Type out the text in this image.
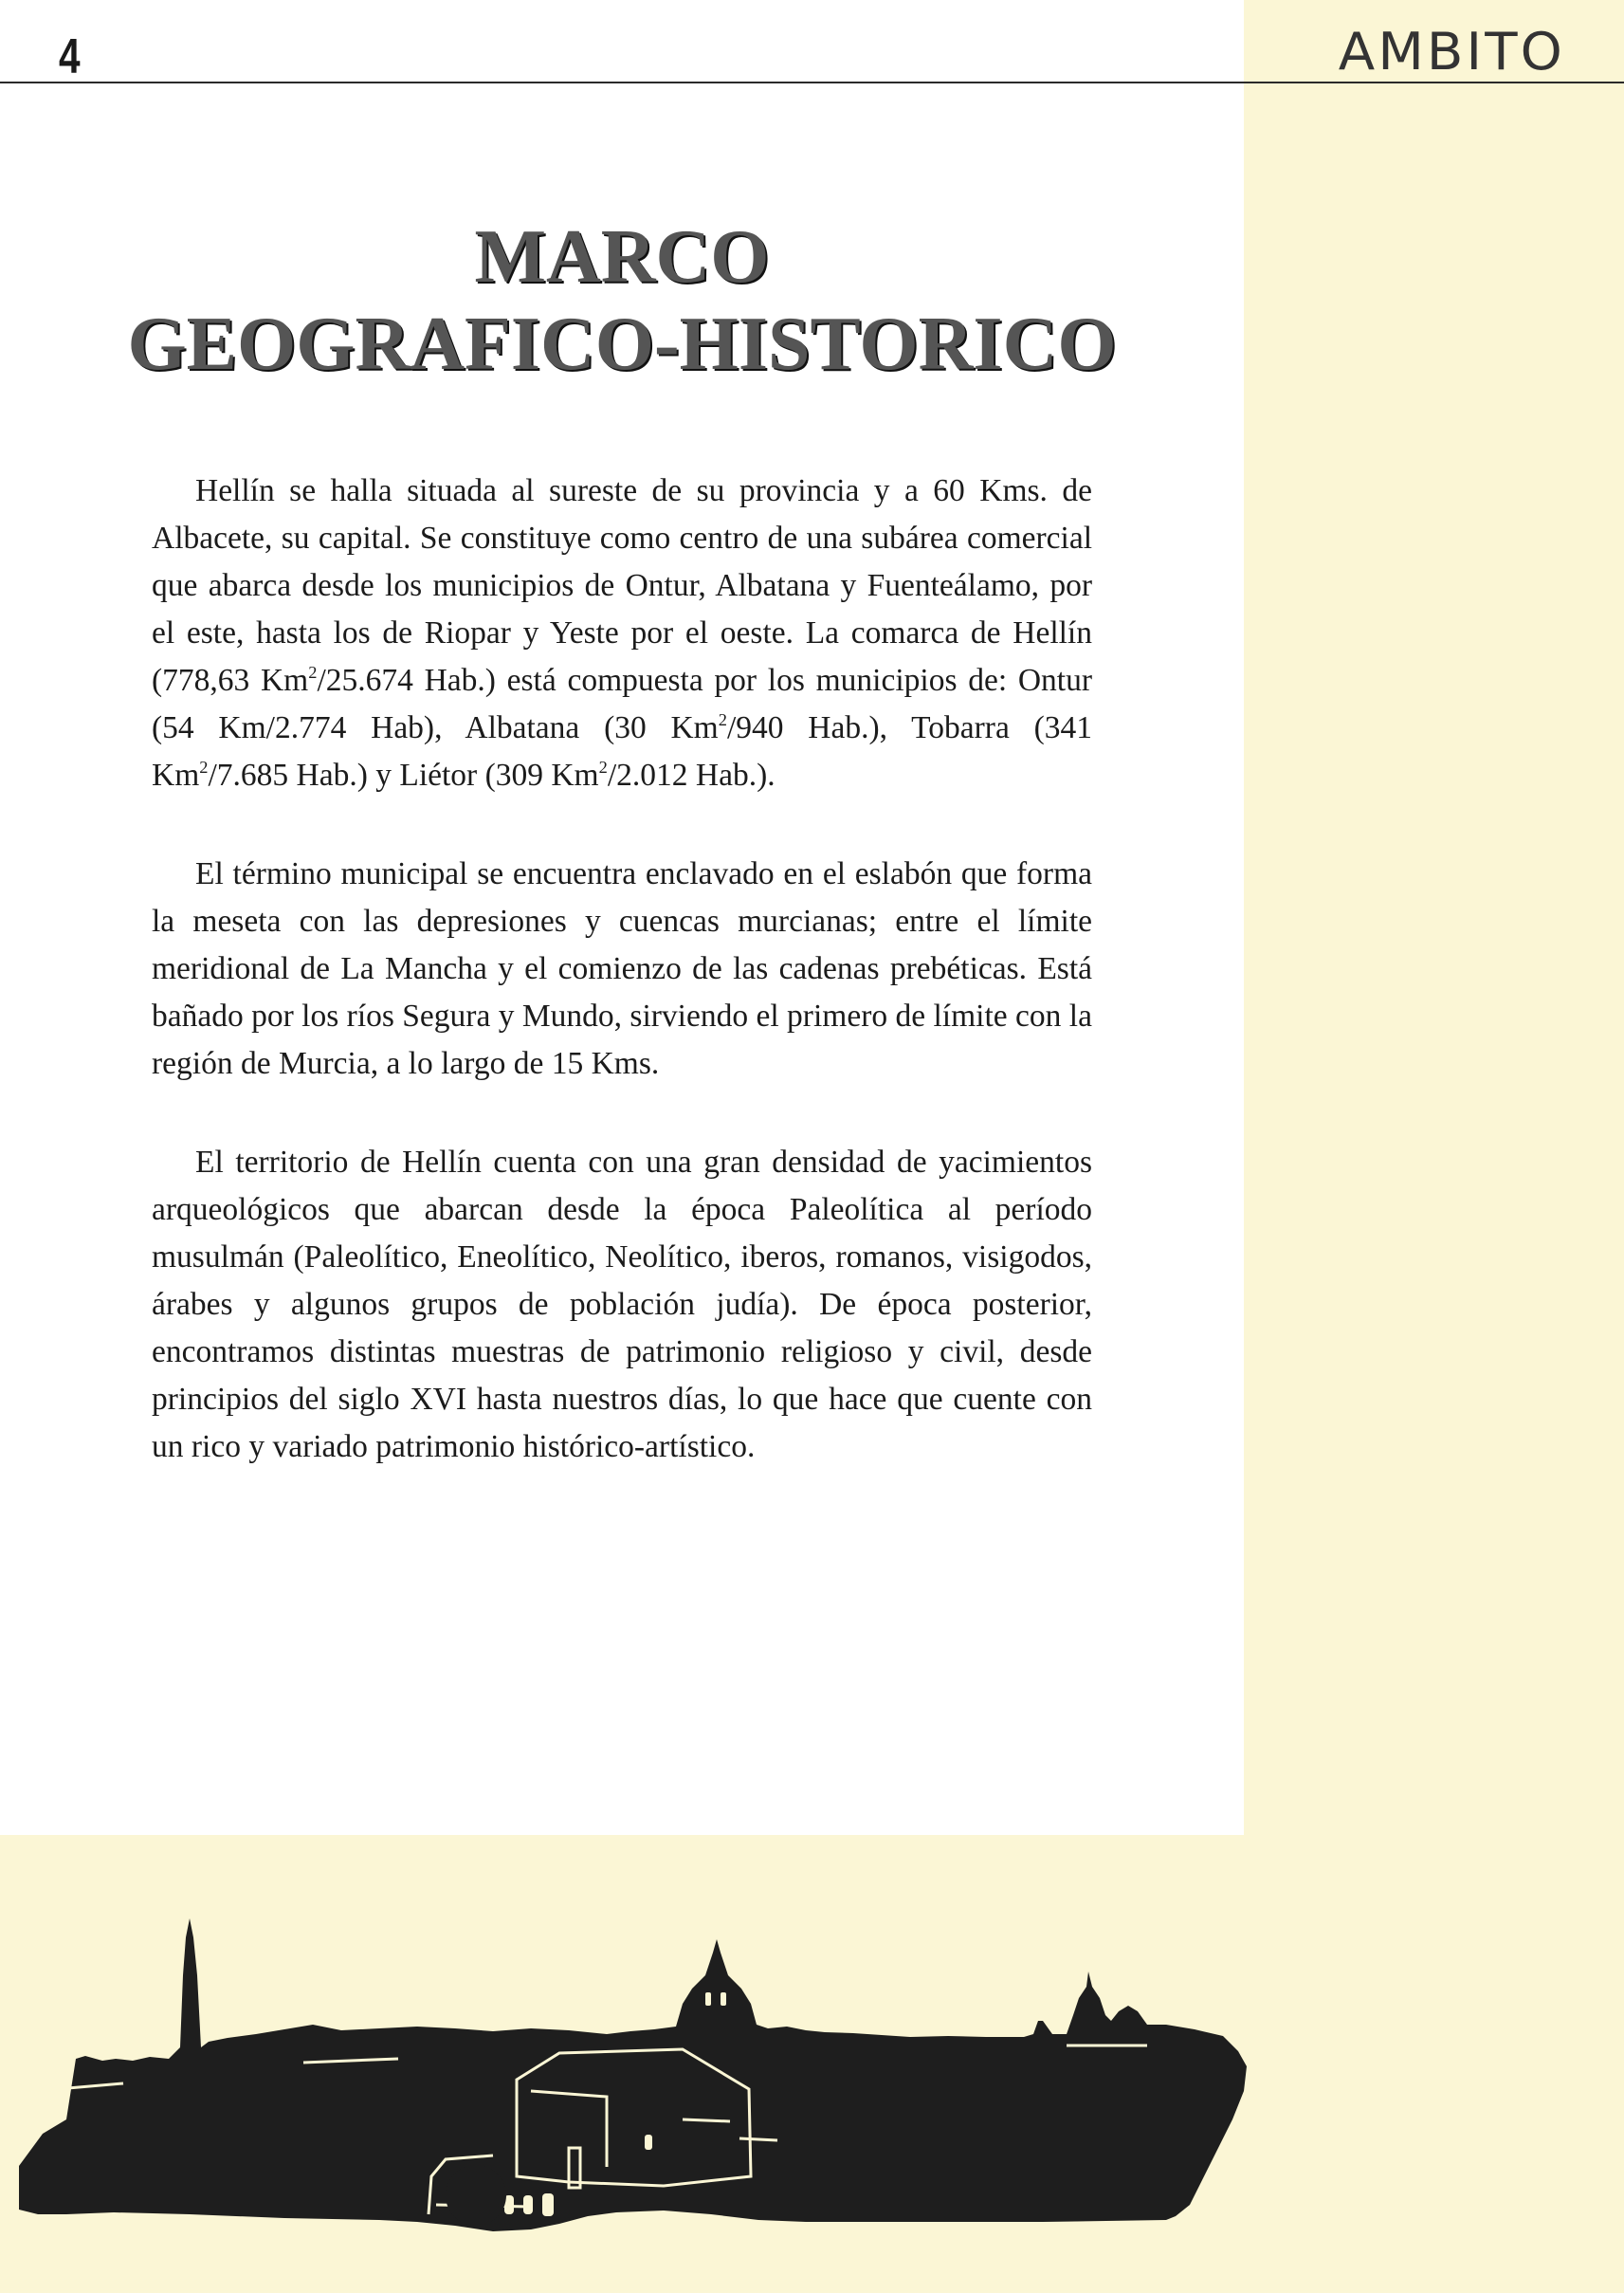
4	AMBITO
MARCO
GEOGRAFICO-HISTORICO

Hellín se halla situada al sureste de su provincia y a 60 Kms. de Albacete, su capital. Se constituye como centro de una subárea comercial que abarca desde los municipios de Ontur, Albatana y Fuenteálamo, por el este, hasta los de Riopar y Yeste por el oeste. La comarca de Hellín (778,63 Km$^2$/25.674 Hab.) está compuesta por los municipios de: Ontur (54 Km/2.774 Hab), Albatana (30 Km$^2$/940 Hab.), Tobarra (341 Km$^2$/7.685 Hab.) y Liétor (309 Km$^2$/2.012 Hab.).

El término municipal se encuentra enclavado en el eslabón que forma la meseta con las depresiones y cuencas murcianas; entre el límite meridional de La Mancha y el comienzo de las cadenas prebéticas. Está bañado por los ríos Segura y Mundo, sirviendo el primero de límite con la región de Murcia, a lo largo de 15 Kms.

El territorio de Hellín cuenta con una gran densidad de yacimientos arqueológicos que abarcan desde la época Paleolítica al período musulmán (Paleolítico, Eneolítico, Neolítico, iberos, romanos, visigodos, árabes y algunos grupos de población judía). De época posterior, encontramos distintas muestras de patrimonio religioso y civil, desde principios del siglo XVI hasta nuestros días, lo que hace que cuente con un rico y variado patrimonio histórico-artístico.
